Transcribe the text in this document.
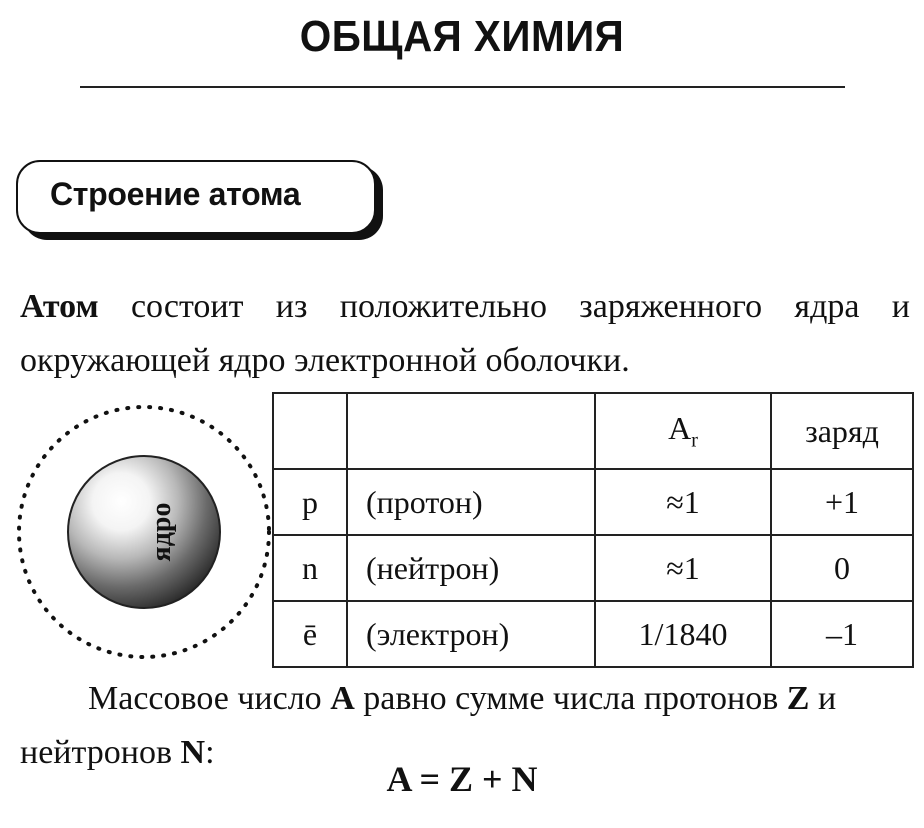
ОБЩАЯ ХИМИЯ
Строение атома
Атом состоит из положительно заряженного ядра и окружающей ядро электронной оболочки.
ядро
		$A_r$	заряд
p	(протон)	≈1	+1
n	(нейтрон)	≈1	0
ē	(электрон)	1/1840	–1
Массовое число A равно сумме числа протонов Z и нейтронов N:
A = Z + N
